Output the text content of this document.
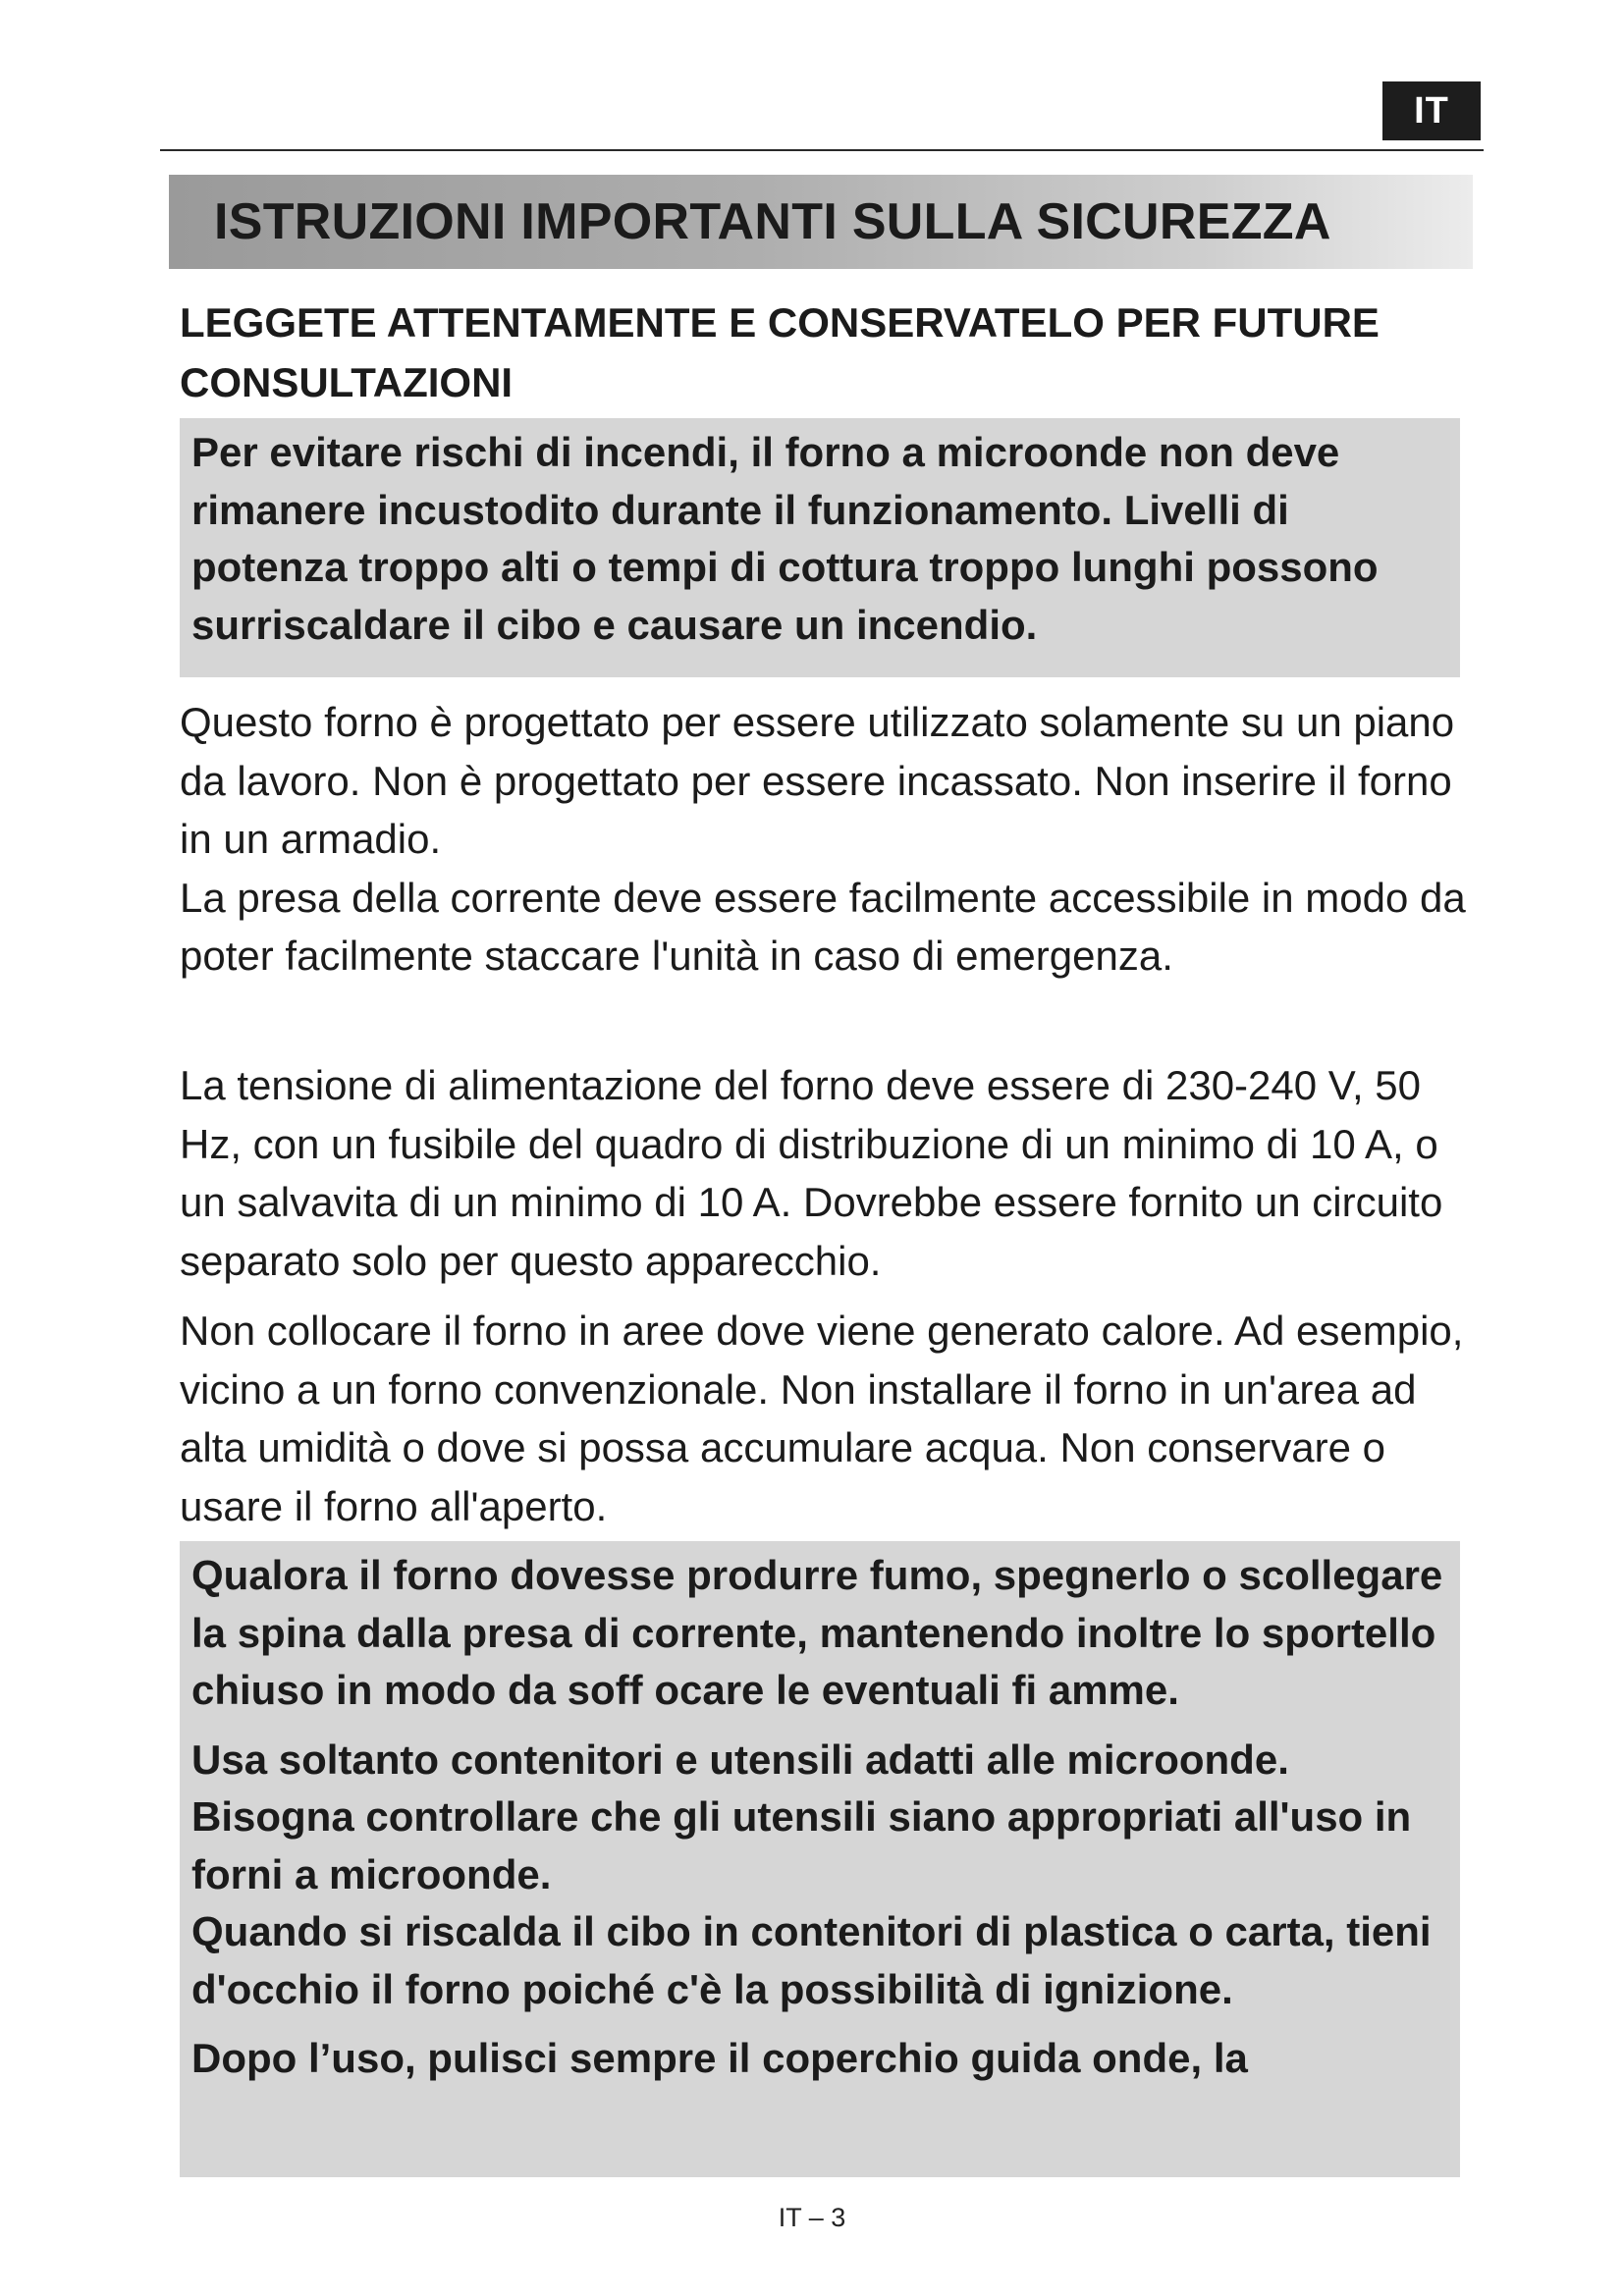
IT
ISTRUZIONI IMPORTANTI SULLA SICUREZZA

LEGGETE ATTENTAMENTE E CONSERVATELO PER FUTURE CONSULTAZIONI

Per evitare rischi di incendi, il forno a microonde non deve rimanere incustodito durante il funzionamento. Livelli di potenza troppo alti o tempi di cottura troppo lunghi possono surriscaldare il cibo e causare un incendio.

Questo forno è progettato per essere utilizzato solamente su un piano da lavoro. Non è progettato per essere incassato. Non inserire il forno in un armadio.

La presa della corrente deve essere facilmente accessibile in modo da poter facilmente staccare l'unità in caso di emergenza.

La tensione di alimentazione del forno deve essere di 230-240 V, 50 Hz, con un fusibile del quadro di distribuzione di un minimo di 10 A, o un salvavita di un minimo di 10 A. Dovrebbe essere fornito un circuito separato solo per questo apparecchio.

Non collocare il forno in aree dove viene generato calore. Ad esempio, vicino a un forno convenzionale. Non installare il forno in un'area ad alta umidità o dove si possa accumulare acqua. Non conservare o usare il forno all'aperto.

Qualora il forno dovesse produrre fumo, spegnerlo o scollegare la spina dalla presa di corrente, mantenendo inoltre lo sportello chiuso in modo da soff ocare le eventuali fi amme.

Usa soltanto contenitori e utensili adatti alle microonde. Bisogna controllare che gli utensili siano appropriati all'uso in forni a microonde.

Quando si riscalda il cibo in contenitori di plastica o carta, tieni d'occhio il forno poiché c'è la possibilità di ignizione.

Dopo l’uso, pulisci sempre il coperchio guida onde, la

IT – 3
